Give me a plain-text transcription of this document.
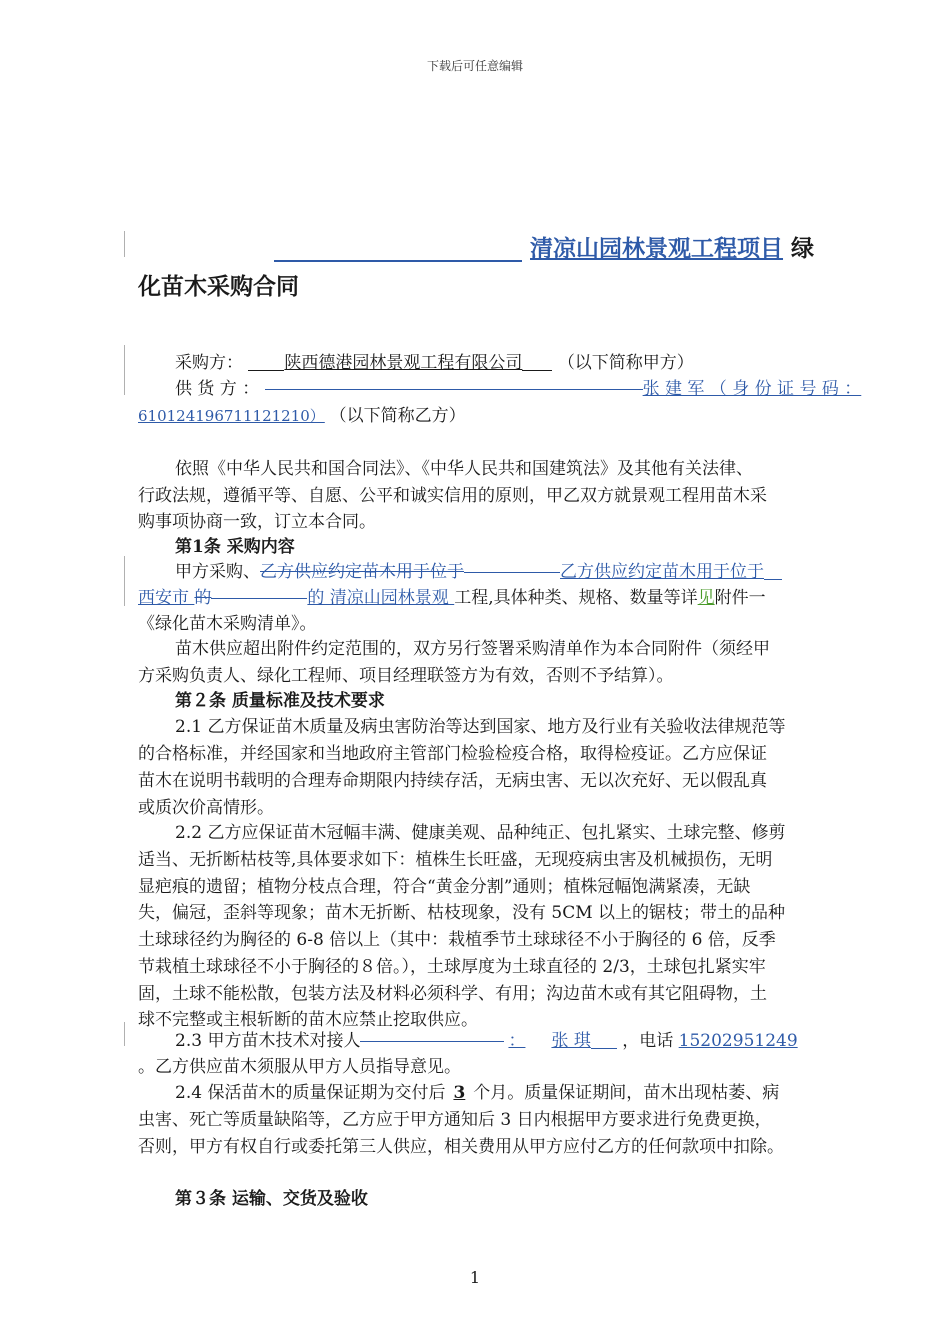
下载后可任意编辑
清凉山园林景观工程项目 绿
化苗木采购合同
采购方： 陕西德港园林景观工程有限公司 （以下简称甲方）
供 货 方 ：	张 建 军 （ 身 份 证 号 码 ：
610124196711121210） （以下简称乙方）
依照《中华人民共和国合同法》、《中华人民共和国建筑法》及其他有关法律、
行政法规，遵循平等、自愿、公平和诚实信用的原则，甲乙双方就景观工程用苗木采
购事项协商一致，订立本合同。
第1条 采购内容
甲方采购、乙方供应约定苗木用于位于	乙方供应约定苗木用于位于
西安市 的	的 清凉山园林景观 工程,具体种类、规格、数量等详见附件一
《绿化苗木采购清单》。
苗木供应超出附件约定范围的，双方另行签署采购清单作为本合同附件（须经甲
方采购负责人、绿化工程师、项目经理联签方为有效，否则不予结算）。
第２条 质量标准及技术要求
2.1 乙方保证苗木质量及病虫害防治等达到国家、地方及行业有关验收法律规范等
的合格标准，并经国家和当地政府主管部门检验检疫合格，取得检疫证。乙方应保证
苗木在说明书载明的合理寿命期限内持续存活，无病虫害、无以次充好、无以假乱真
或质次价高情形。
2.2 乙方应保证苗木冠幅丰满、健康美观、品种纯正、包扎紧实、土球完整、修剪
适当、无折断枯枝等,具体要求如下：植株生长旺盛，无现疫病虫害及机械损伤，无明
显疤痕的遗留；植物分枝点合理，符合“黄金分割”通则；植株冠幅饱满紧凑，无缺
失，偏冠，歪斜等现象；苗木无折断、枯枝现象，没有 5CM 以上的锯枝；带土的品种
土球球径约为胸径的 6-8 倍以上（其中：栽植季节土球球径不小于胸径的 6 倍，反季
节栽植土球球径不小于胸径的８倍。），土球厚度为土球直径的 2/3，土球包扎紧实牢
固，土球不能松散，包装方法及材料必须科学、有用；沟边苗木或有其它阻碍物，土
球不完整或主根斩断的苗木应禁止挖取供应。
2.3 甲方苗木技术对接人	： 张 琪 ，电话 15202951249
。乙方供应苗木须服从甲方人员指导意见。
2.4 保活苗木的质量保证期为交付后 3 个月。质量保证期间，苗木出现枯萎、病
虫害、死亡等质量缺陷等，乙方应于甲方通知后 3 日内根据甲方要求进行免费更换，
否则，甲方有权自行或委托第三人供应，相关费用从甲方应付乙方的任何款项中扣除。
第３条 运输、交货及验收
1
